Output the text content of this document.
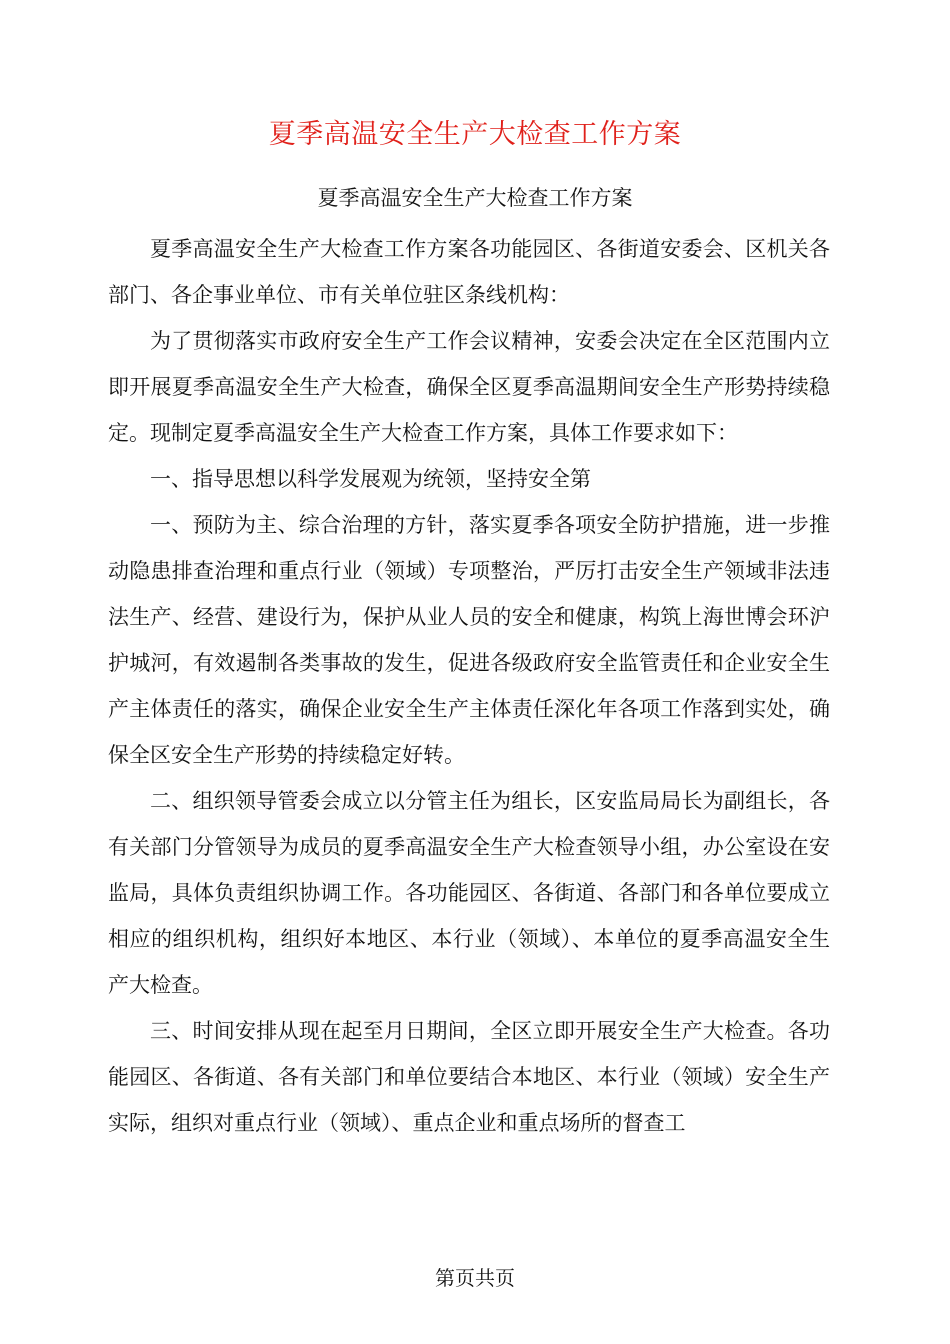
夏季高温安全生产大检查工作方案
夏季高温安全生产大检查工作方案

夏季高温安全生产大检查工作方案各功能园区、各街道安委会、区机关各部门、各企事业单位、市有关单位驻区条线机构：

为了贯彻落实市政府安全生产工作会议精神，安委会决定在全区范围内立即开展夏季高温安全生产大检查，确保全区夏季高温期间安全生产形势持续稳定。现制定夏季高温安全生产大检查工作方案，具体工作要求如下：

一、指导思想以科学发展观为统领，坚持安全第

一、预防为主、综合治理的方针，落实夏季各项安全防护措施，进一步推动隐患排查治理和重点行业（领域）专项整治，严厉打击安全生产领域非法违法生产、经营、建设行为，保护从业人员的安全和健康，构筑上海世博会环沪护城河，有效遏制各类事故的发生，促进各级政府安全监管责任和企业安全生产主体责任的落实，确保企业安全生产主体责任深化年各项工作落到实处，确保全区安全生产形势的持续稳定好转。

二、组织领导管委会成立以分管主任为组长，区安监局局长为副组长，各有关部门分管领导为成员的夏季高温安全生产大检查领导小组，办公室设在安监局，具体负责组织协调工作。各功能园区、各街道、各部门和各单位要成立相应的组织机构，组织好本地区、本行业（领域）、本单位的夏季高温安全生产大检查。

三、时间安排从现在起至月日期间，全区立即开展安全生产大检查。各功能园区、各街道、各有关部门和单位要结合本地区、本行业（领域）安全生产实际，组织对重点行业（领域）、重点企业和重点场所的督查工

第页共页
